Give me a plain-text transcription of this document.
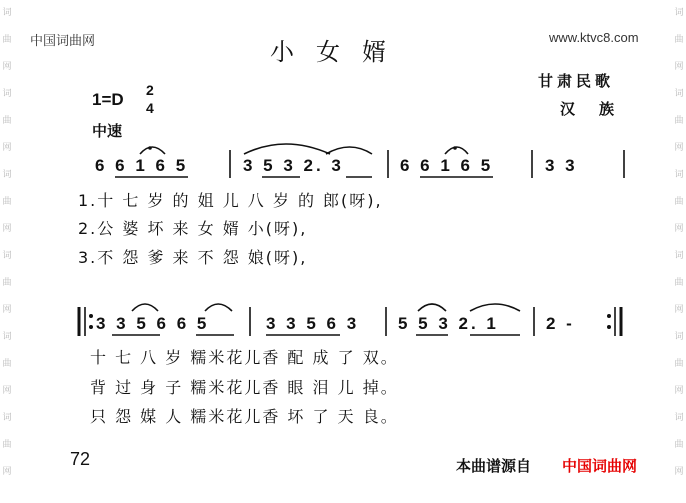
词
曲
网
词
曲
网
词
曲
网
词
曲
网
词
曲
网
词
曲
网
词
曲
网
词
曲
网
词
曲
网
词
曲
网
词
曲
网
词
曲
网
中国词曲网	www.ktvc8.com
小女婿
甘肃民歌
汉族
1=D 2
4
中速
6 6 1 6 5	3 5 3 2. 3	6 6 1 6 5	3 3
1.十 七 岁 的 姐 儿 八 岁 的 郎(呀),
2.公 婆 坏 来 女 婿 小(呀),
3.不 怨 爹 来 不 怨 娘(呀),
3 3 5 6 6 5	3 3 5 6 3 5 5 3 2. 1	2 -
十 七 八 岁 糯米花儿香 配 成 了 双。
背 过 身 子 糯米花儿香 眼 泪 儿 掉。
只 怨 媒 人 糯米花儿香 坏 了 天 良。
72	本曲谱源自 中国词曲网
